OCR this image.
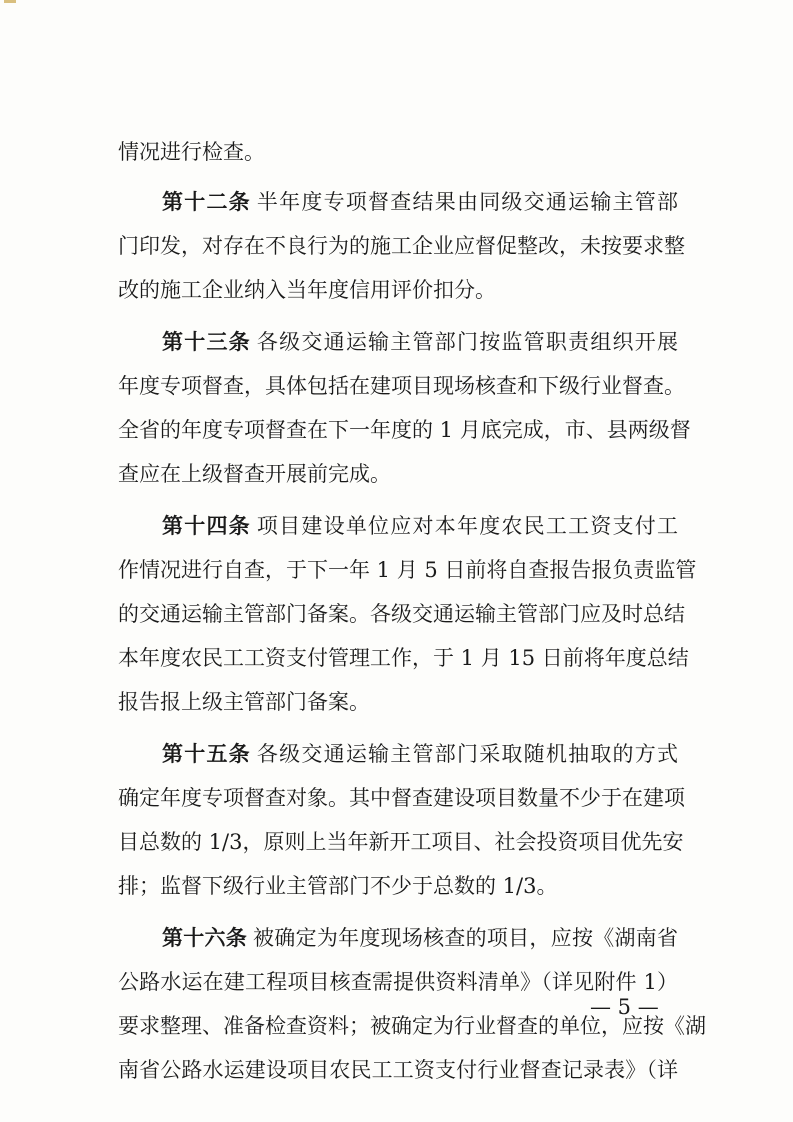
情况进行检查。
第十二条 半年度专项督查结果由同级交通运输主管部
门印发，对存在不良行为的施工企业应督促整改，未按要求整
改的施工企业纳入当年度信用评价扣分。
第十三条 各级交通运输主管部门按监管职责组织开展
年度专项督查，具体包括在建项目现场核查和下级行业督查。
全省的年度专项督查在下一年度的 1 月底完成，市、县两级督
查应在上级督查开展前完成。
第十四条 项目建设单位应对本年度农民工工资支付工
作情况进行自查，于下一年 1 月 5 日前将自查报告报负责监管
的交通运输主管部门备案。各级交通运输主管部门应及时总结
本年度农民工工资支付管理工作，于 1 月 15 日前将年度总结
报告报上级主管部门备案。
第十五条 各级交通运输主管部门采取随机抽取的方式
确定年度专项督查对象。其中督查建设项目数量不少于在建项
目总数的 1/3，原则上当年新开工项目、社会投资项目优先安
排；监督下级行业主管部门不少于总数的 1/3。
第十六条 被确定为年度现场核查的项目，应按《湖南省
公路水运在建工程项目核查需提供资料清单》（详见附件 1）
要求整理、准备检查资料；被确定为行业督查的单位，应按《湖
南省公路水运建设项目农民工工资支付行业督查记录表》（详
— 5 —
